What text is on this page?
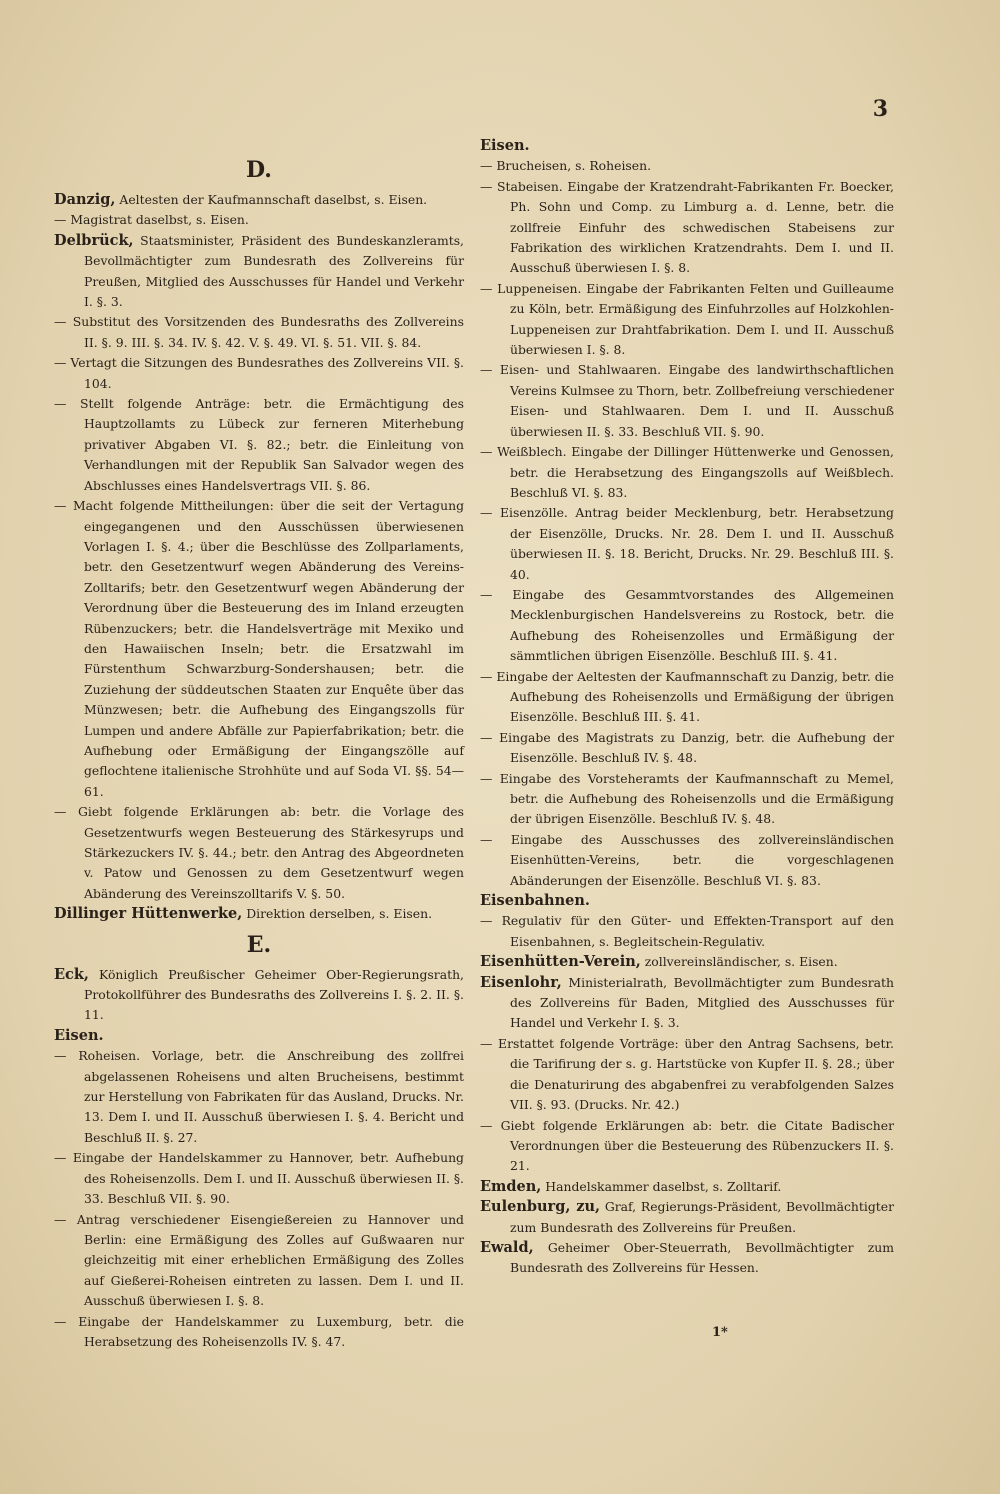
3
D.

Danzig, Aeltesten der Kaufmannschaft daselbst, s. Eisen.

— Magistrat daselbst, s. Eisen.

Delbrück, Staatsminister, Präsident des Bundeskanzleramts, Bevollmächtigter zum Bundesrath des Zollvereins für Preußen, Mitglied des Ausschusses für Handel und Verkehr I. §. 3.

— Substitut des Vorsitzenden des Bundesraths des Zollvereins II. §. 9. III. §. 34. IV. §. 42. V. §. 49. VI. §. 51. VII. §. 84.

— Vertagt die Sitzungen des Bundesrathes des Zollvereins VII. §. 104.

— Stellt folgende Anträge: betr. die Ermächtigung des Hauptzollamts zu Lübeck zur ferneren Miterhebung privativer Abgaben VI. §. 82.; betr. die Einleitung von Verhandlungen mit der Republik San Salvador wegen des Abschlusses eines Handelsvertrags VII. §. 86.

— Macht folgende Mittheilungen: über die seit der Vertagung eingegangenen und den Ausschüssen überwiesenen Vorlagen I. §. 4.; über die Beschlüsse des Zollparlaments, betr. den Gesetzentwurf wegen Abänderung des Vereins-Zolltarifs; betr. den Gesetzentwurf wegen Abänderung der Verordnung über die Besteuerung des im Inland erzeugten Rübenzuckers; betr. die Handelsverträge mit Mexiko und den Hawaiischen Inseln; betr. die Ersatzwahl im Fürstenthum Schwarzburg-Sondershausen; betr. die Zuziehung der süddeutschen Staaten zur Enquête über das Münzwesen; betr. die Aufhebung des Eingangszolls für Lumpen und andere Abfälle zur Papierfabrikation; betr. die Aufhebung oder Ermäßigung der Eingangszölle auf geflochtene italienische Strohhüte und auf Soda VI. §§. 54—61.

— Giebt folgende Erklärungen ab: betr. die Vorlage des Gesetzentwurfs wegen Besteuerung des Stärkesyrups und Stärkezuckers IV. §. 44.; betr. den Antrag des Abgeordneten v. Patow und Genossen zu dem Gesetzentwurf wegen Abänderung des Vereinszolltarifs V. §. 50.

Dillinger Hüttenwerke, Direktion derselben, s. Eisen.

E.

Eck, Königlich Preußischer Geheimer Ober-Regierungsrath, Protokollführer des Bundesraths des Zollvereins I. §. 2. II. §. 11.

Eisen.

— Roheisen. Vorlage, betr. die Anschreibung des zollfrei abgelassenen Roheisens und alten Brucheisens, bestimmt zur Herstellung von Fabrikaten für das Ausland, Drucks. Nr. 13. Dem I. und II. Ausschuß überwiesen I. §. 4. Bericht und Beschluß II. §. 27.

— Eingabe der Handelskammer zu Hannover, betr. Aufhebung des Roheisenzolls. Dem I. und II. Ausschuß überwiesen II. §. 33. Beschluß VII. §. 90.

— Antrag verschiedener Eisengießereien zu Hannover und Berlin: eine Ermäßigung des Zolles auf Gußwaaren nur gleichzeitig mit einer erheblichen Ermäßigung des Zolles auf Gießerei-Roheisen eintreten zu lassen. Dem I. und II. Ausschuß überwiesen I. §. 8.

— Eingabe der Handelskammer zu Luxemburg, betr. die Herabsetzung des Roheisenzolls IV. §. 47.

Eisen.

— Brucheisen, s. Roheisen.

— Stabeisen. Eingabe der Kratzendraht-Fabrikanten Fr. Boecker, Ph. Sohn und Comp. zu Limburg a. d. Lenne, betr. die zollfreie Einfuhr des schwedischen Stabeisens zur Fabrikation des wirklichen Kratzendrahts. Dem I. und II. Ausschuß überwiesen I. §. 8.

— Luppeneisen. Eingabe der Fabrikanten Felten und Guilleaume zu Köln, betr. Ermäßigung des Einfuhrzolles auf Holzkohlen-Luppeneisen zur Drahtfabrikation. Dem I. und II. Ausschuß überwiesen I. §. 8.

— Eisen- und Stahlwaaren. Eingabe des landwirthschaftlichen Vereins Kulmsee zu Thorn, betr. Zollbefreiung verschiedener Eisen- und Stahlwaaren. Dem I. und II. Ausschuß überwiesen II. §. 33. Beschluß VII. §. 90.

— Weißblech. Eingabe der Dillinger Hüttenwerke und Genossen, betr. die Herabsetzung des Eingangszolls auf Weißblech. Beschluß VI. §. 83.

— Eisenzölle. Antrag beider Mecklenburg, betr. Herabsetzung der Eisenzölle, Drucks. Nr. 28. Dem I. und II. Ausschuß überwiesen II. §. 18. Bericht, Drucks. Nr. 29. Beschluß III. §. 40.

— Eingabe des Gesammtvorstandes des Allgemeinen Mecklenburgischen Handelsvereins zu Rostock, betr. die Aufhebung des Roheisenzolles und Ermäßigung der sämmtlichen übrigen Eisenzölle. Beschluß III. §. 41.

— Eingabe der Aeltesten der Kaufmannschaft zu Danzig, betr. die Aufhebung des Roheisenzolls und Ermäßigung der übrigen Eisenzölle. Beschluß III. §. 41.

— Eingabe des Magistrats zu Danzig, betr. die Aufhebung der Eisenzölle. Beschluß IV. §. 48.

— Eingabe des Vorsteheramts der Kaufmannschaft zu Memel, betr. die Aufhebung des Roheisenzolls und die Ermäßigung der übrigen Eisenzölle. Beschluß IV. §. 48.

— Eingabe des Ausschusses des zollvereinsländischen Eisenhütten-Vereins, betr. die vorgeschlagenen Abänderungen der Eisenzölle. Beschluß VI. §. 83.

Eisenbahnen.

— Regulativ für den Güter- und Effekten-Transport auf den Eisenbahnen, s. Begleitschein-Regulativ.

Eisenhütten-Verein, zollvereinsländischer, s. Eisen.

Eisenlohr, Ministerialrath, Bevollmächtigter zum Bundesrath des Zollvereins für Baden, Mitglied des Ausschusses für Handel und Verkehr I. §. 3.

— Erstattet folgende Vorträge: über den Antrag Sachsens, betr. die Tarifirung der s. g. Hartstücke von Kupfer II. §. 28.; über die Denaturirung des abgabenfrei zu verabfolgenden Salzes VII. §. 93. (Drucks. Nr. 42.)

— Giebt folgende Erklärungen ab: betr. die Citate Badischer Verordnungen über die Besteuerung des Rübenzuckers II. §. 21.

Emden, Handelskammer daselbst, s. Zolltarif.

Eulenburg, zu, Graf, Regierungs-Präsident, Bevollmächtigter zum Bundesrath des Zollvereins für Preußen.

Ewald, Geheimer Ober-Steuerrath, Bevollmächtigter zum Bundesrath des Zollvereins für Hessen.

1*
